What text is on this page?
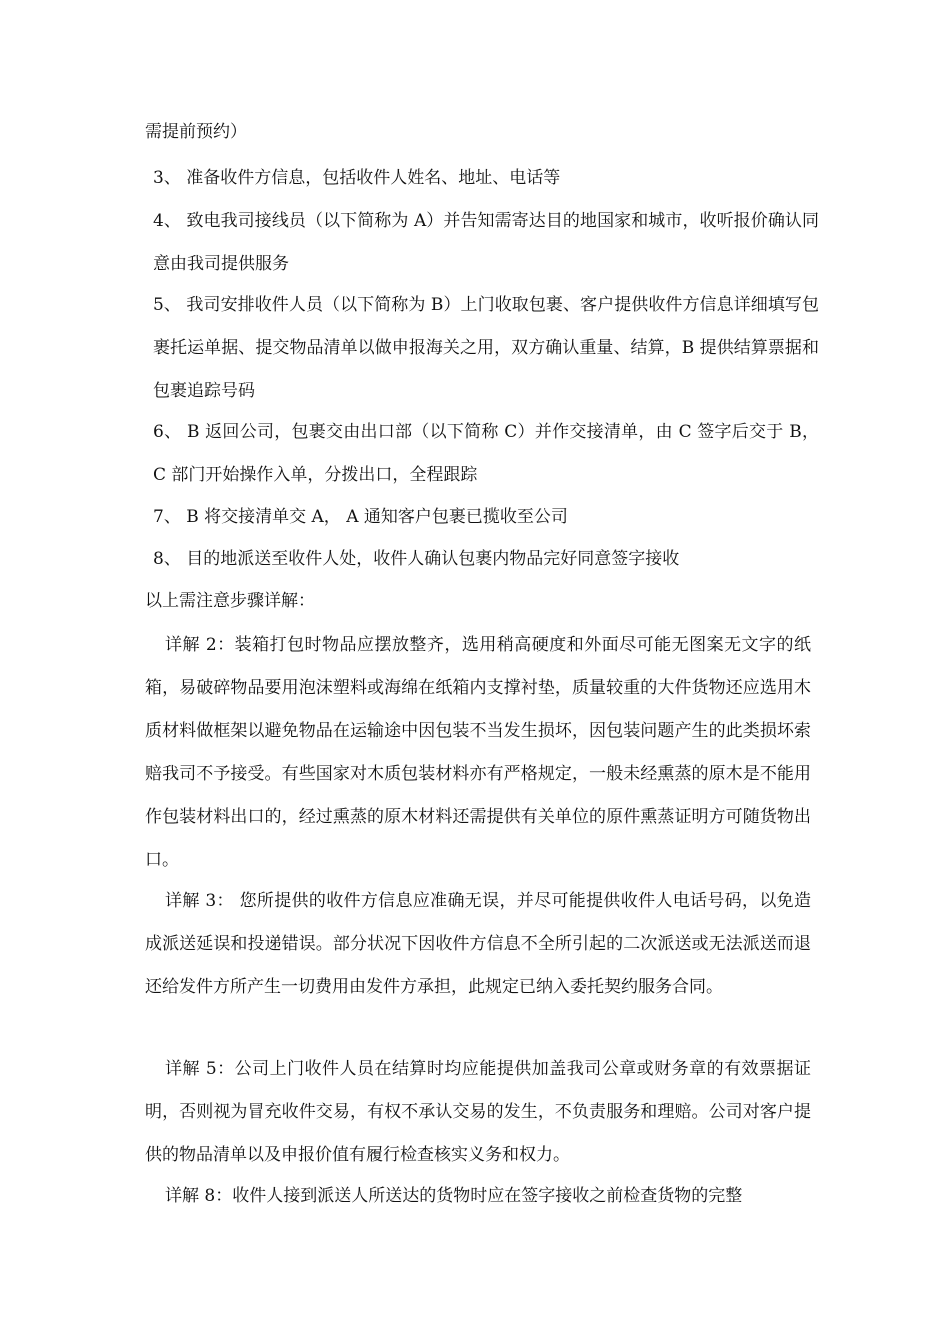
需提前预约）
3、 准备收件方信息，包括收件人姓名、地址、电话等
4、 致电我司接线员（以下简称为 A）并告知需寄达目的地国家和城市，收听报价确认同意由我司提供服务
5、 我司安排收件人员（以下简称为 B）上门收取包裹、客户提供收件方信息详细填写包裹托运单据、提交物品清单以做申报海关之用，双方确认重量、结算，B 提供结算票据和包裹追踪号码
6、 B 返回公司，包裹交由出口部（以下简称 C）并作交接清单，由 C 签字后交于 B，C 部门开始操作入单，分拨出口，全程跟踪
7、 B 将交接清单交 A， A 通知客户包裹已揽收至公司
8、 目的地派送至收件人处，收件人确认包裹内物品完好同意签字接收
以上需注意步骤详解：
详解 2：装箱打包时物品应摆放整齐，选用稍高硬度和外面尽可能无图案无文字的纸箱，易破碎物品要用泡沫塑料或海绵在纸箱内支撑衬垫，质量较重的大件货物还应选用木质材料做框架以避免物品在运输途中因包装不当发生损坏，因包装问题产生的此类损坏索赔我司不予接受。有些国家对木质包装材料亦有严格规定，一般未经熏蒸的原木是不能用作包装材料出口的，经过熏蒸的原木材料还需提供有关单位的原件熏蒸证明方可随货物出口。
详解 3： 您所提供的收件方信息应准确无误，并尽可能提供收件人电话号码，以免造成派送延误和投递错误。部分状况下因收件方信息不全所引起的二次派送或无法派送而退还给发件方所产生一切费用由发件方承担，此规定已纳入委托契约服务合同。
详解 5：公司上门收件人员在结算时均应能提供加盖我司公章或财务章的有效票据证明，否则视为冒充收件交易，有权不承认交易的发生，不负责服务和理赔。公司对客户提供的物品清单以及申报价值有履行检查核实义务和权力。
详解 8：收件人接到派送人所送达的货物时应在签字接收之前检查货物的完整
